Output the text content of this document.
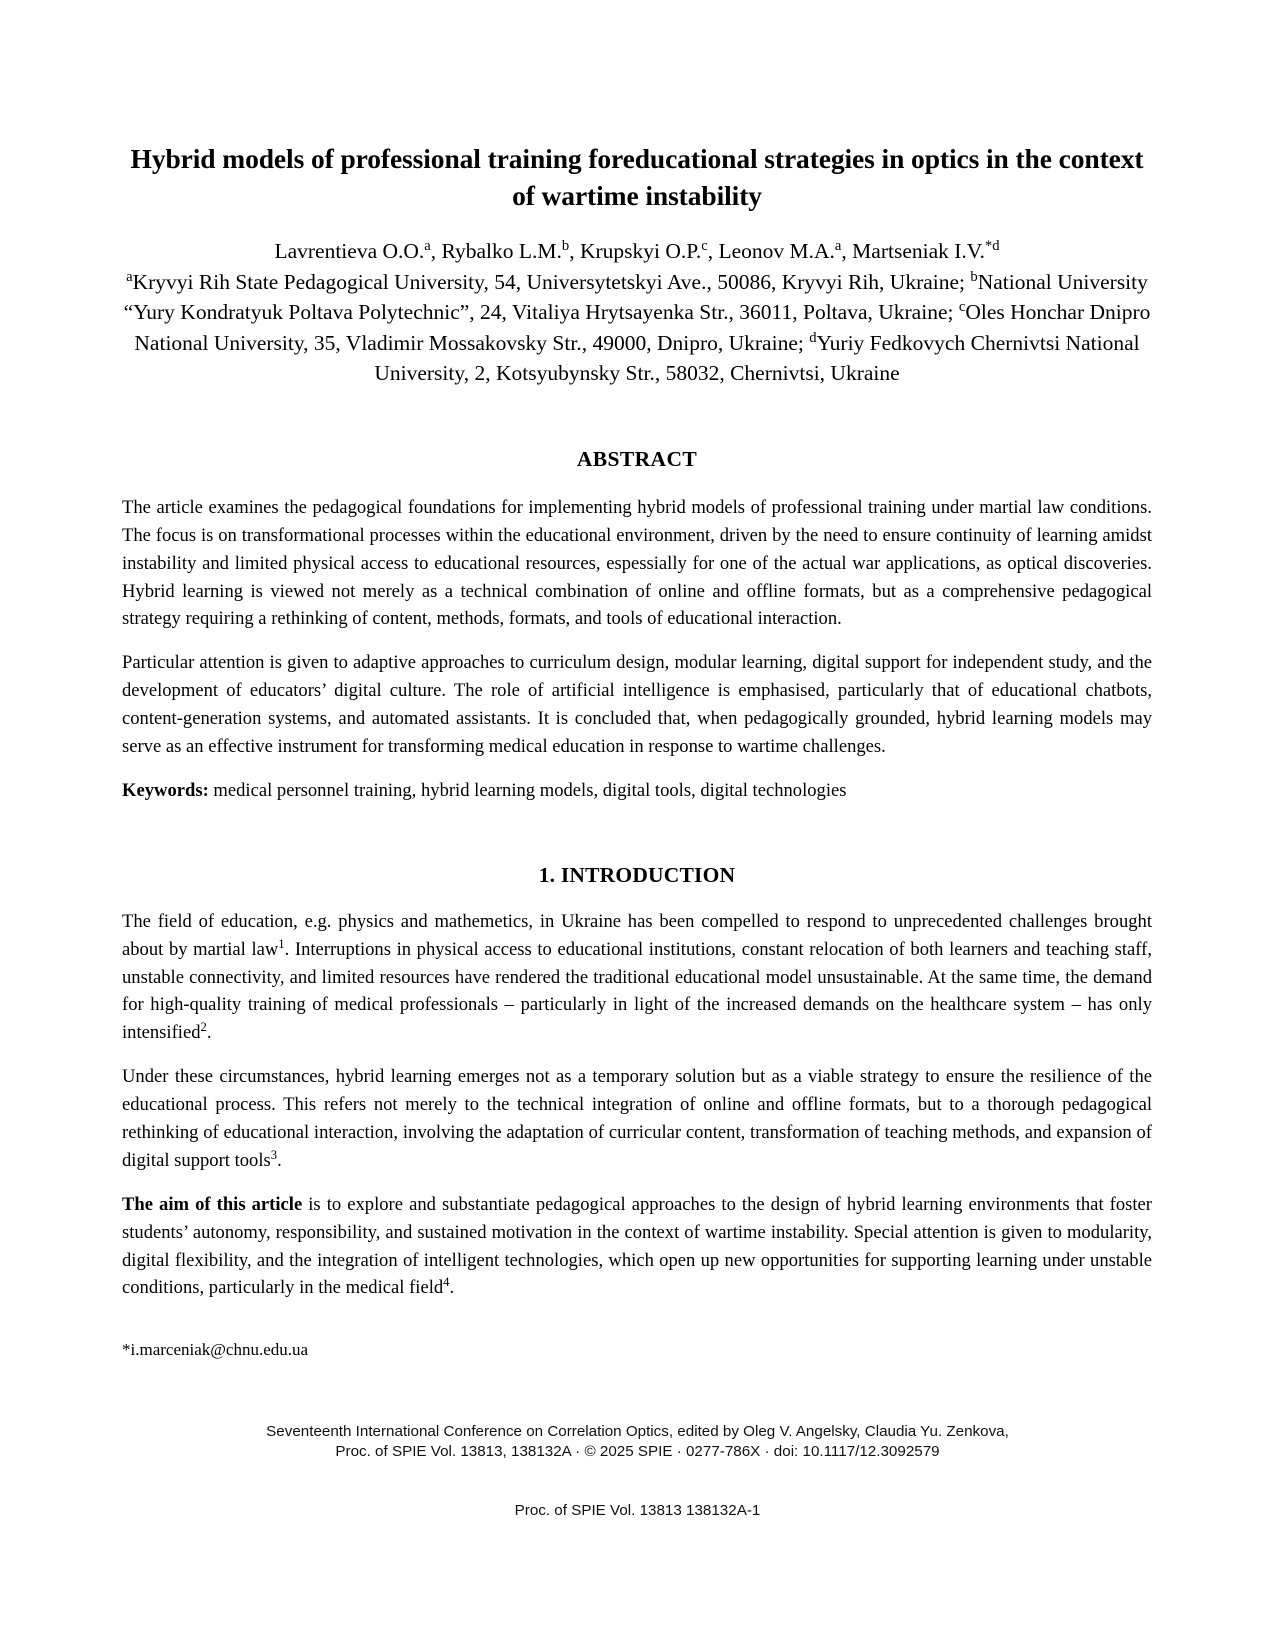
Hybrid models of professional training foreducational strategies in optics in the context of wartime instability
Lavrentieva O.O.$^a$, Rybalko L.M.$^b$, Krupskyi O.P.$^c$, Leonov M.A.$^a$, Martseniak I.V.$^{*d}$
$^a$Kryvyi Rih State Pedagogical University, 54, Universytetskyi Ave., 50086, Kryvyi Rih, Ukraine; $^b$National University “Yury Kondratyuk Poltava Polytechnic”, 24, Vitaliya Hrytsayenka Str., 36011, Poltava, Ukraine; $^c$Oles Honchar Dnipro National University, 35, Vladimir Mossakovsky Str., 49000, Dnipro, Ukraine; $^d$Yuriy Fedkovych Chernivtsi National University, 2, Kotsyubynsky Str., 58032, Chernivtsi, Ukraine
ABSTRACT

The article examines the pedagogical foundations for implementing hybrid models of professional training under martial law conditions. The focus is on transformational processes within the educational environment, driven by the need to ensure continuity of learning amidst instability and limited physical access to educational resources, espessially for one of the actual war applications, as optical discoveries. Hybrid learning is viewed not merely as a technical combination of online and offline formats, but as a comprehensive pedagogical strategy requiring a rethinking of content, methods, formats, and tools of educational interaction.

Particular attention is given to adaptive approaches to curriculum design, modular learning, digital support for independent study, and the development of educators’ digital culture. The role of artificial intelligence is emphasised, particularly that of educational chatbots, content-generation systems, and automated assistants. It is concluded that, when pedagogically grounded, hybrid learning models may serve as an effective instrument for transforming medical education in response to wartime challenges.

Keywords: medical personnel training, hybrid learning models, digital tools, digital technologies

1. INTRODUCTION

The field of education, e.g. physics and mathemetics, in Ukraine has been compelled to respond to unprecedented challenges brought about by martial law$^1$. Interruptions in physical access to educational institutions, constant relocation of both learners and teaching staff, unstable connectivity, and limited resources have rendered the traditional educational model unsustainable. At the same time, the demand for high-quality training of medical professionals – particularly in light of the increased demands on the healthcare system – has only intensified$^2$.

Under these circumstances, hybrid learning emerges not as a temporary solution but as a viable strategy to ensure the resilience of the educational process. This refers not merely to the technical integration of online and offline formats, but to a thorough pedagogical rethinking of educational interaction, involving the adaptation of curricular content, transformation of teaching methods, and expansion of digital support tools$^3$.

The aim of this article is to explore and substantiate pedagogical approaches to the design of hybrid learning environments that foster students’ autonomy, responsibility, and sustained motivation in the context of wartime instability. Special attention is given to modularity, digital flexibility, and the integration of intelligent technologies, which open up new opportunities for supporting learning under unstable conditions, particularly in the medical field$^4$.

*i.marceniak@chnu.edu.ua
Seventeenth International Conference on Correlation Optics, edited by Oleg V. Angelsky, Claudia Yu. Zenkova,
Proc. of SPIE Vol. 13813, 138132A · © 2025 SPIE · 0277-786X · doi: 10.1117/12.3092579
Proc. of SPIE Vol. 13813 138132A-1
